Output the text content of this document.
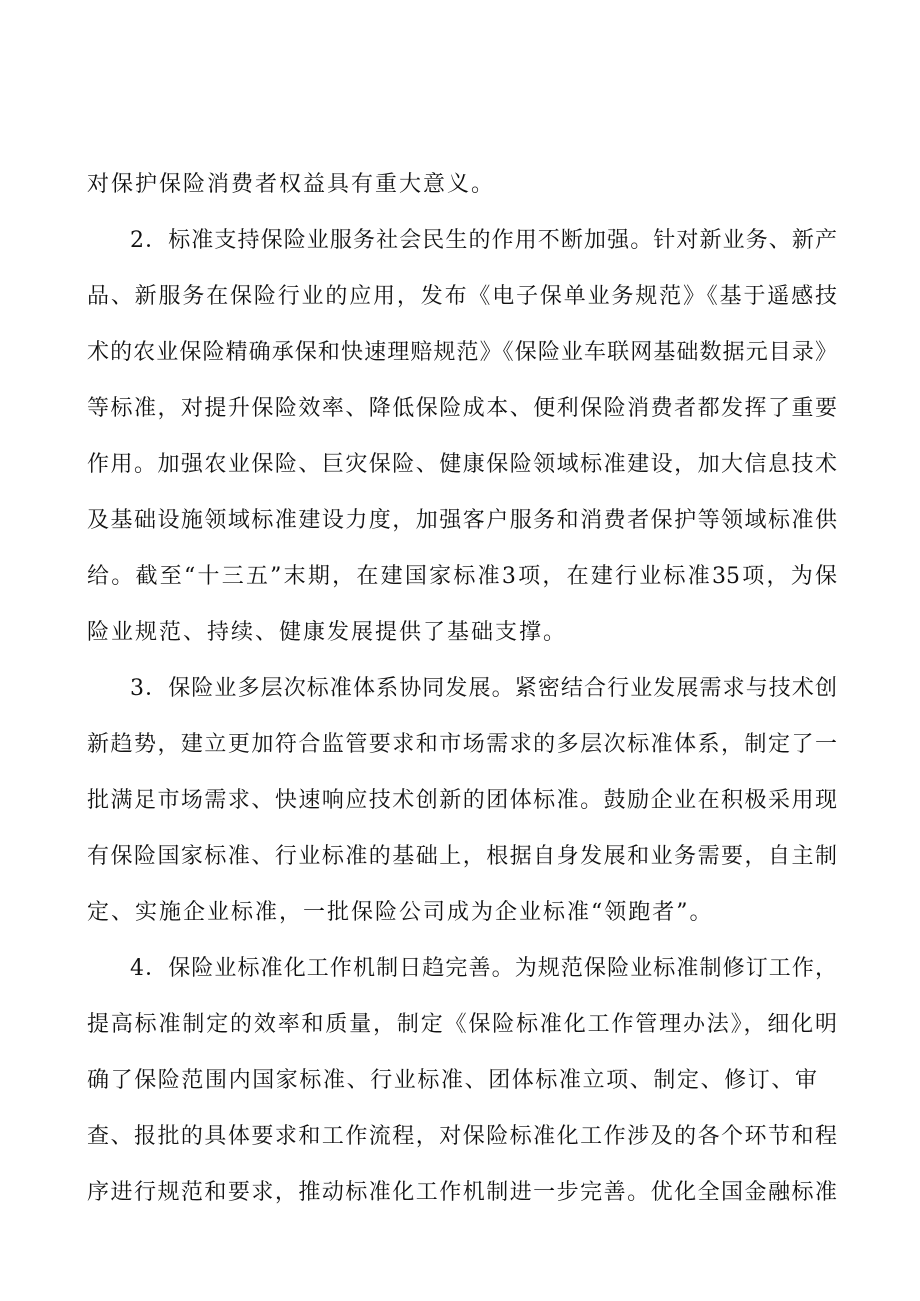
对保护保险消费者权益具有重大意义。

2．标准支持保险业服务社会民生的作用不断加强。针对新业务、新产

品、新服务在保险行业的应用，发布《电子保单业务规范》《基于遥感技

术的农业保险精确承保和快速理赔规范》《保险业车联网基础数据元目录》

等标准，对提升保险效率、降低保险成本、便利保险消费者都发挥了重要

作用。加强农业保险、巨灾保险、健康保险领域标准建设，加大信息技术

及基础设施领域标准建设力度，加强客户服务和消费者保护等领域标准供

给。截至“十三五”末期，在建国家标准3项，在建行业标准35项，为保

险业规范、持续、健康发展提供了基础支撑。

3．保险业多层次标准体系协同发展。紧密结合行业发展需求与技术创

新趋势，建立更加符合监管要求和市场需求的多层次标准体系，制定了一

批满足市场需求、快速响应技术创新的团体标准。鼓励企业在积极采用现

有保险国家标准、行业标准的基础上，根据自身发展和业务需要，自主制

定、实施企业标准，一批保险公司成为企业标准“领跑者”。

4．保险业标准化工作机制日趋完善。为规范保险业标准制修订工作，

提高标准制定的效率和质量，制定《保险标准化工作管理办法》，细化明

确了保险范围内国家标准、行业标准、团体标准立项、制定、修订、审

查、报批的具体要求和工作流程，对保险标准化工作涉及的各个环节和程

序进行规范和要求，推动标准化工作机制进一步完善。优化全国金融标准
